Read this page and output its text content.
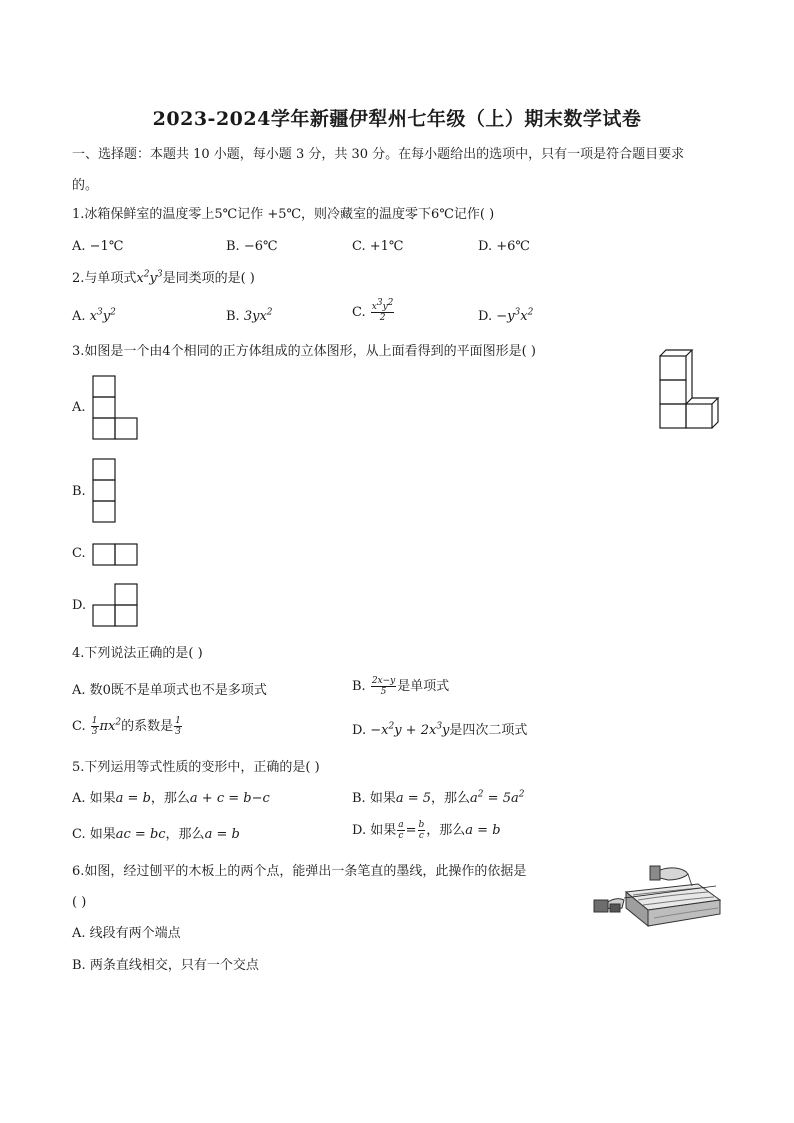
2023-2024学年新疆伊犁州七年级（上）期末数学试卷
一、选择题：本题共 10 小题，每小题 3 分，共 30 分。在每小题给出的选项中，只有一项是符合题目要求
的。
1.冰箱保鲜室的温度零上5℃记作 +5℃，则冷藏室的温度零下6℃记作( )
A. −1℃	B. −6℃	C. +1℃	D. +6℃
2.与单项式$x^2y^3$是同类项的是( )
A. $x^3y^2$	B. $3yx^2$	C. $\frac{x^3y^2}{2}$	D. $-y^3x^2$
3.如图是一个由4个相同的正方体组成的立体图形，从上面看得到的平面图形是( )
A.
B.
C.
D.
4.下列说法正确的是( )
A. 数0既不是单项式也不是多项式	B. $\frac{2x-y}{5}$ 是单项式
C. $\frac{1}{3} \pi x^2$的系数是 $\frac{1}{3}$	D. $-x^2y + 2x^3y$是四次二项式
5.下列运用等式性质的变形中，正确的是( )
A. 如果a = b，那么a + c = b−c	B. 如果a = 5，那么$a^2 = 5a^2$
C. 如果ac = bc，那么a = b	D. 如果 $\frac{a}{c} = \frac{b}{c}$ ，那么a = b
6.如图，经过刨平的木板上的两个点，能弹出一条笔直的墨线，此操作的依据是
( )
A. 线段有两个端点
B. 两条直线相交，只有一个交点
